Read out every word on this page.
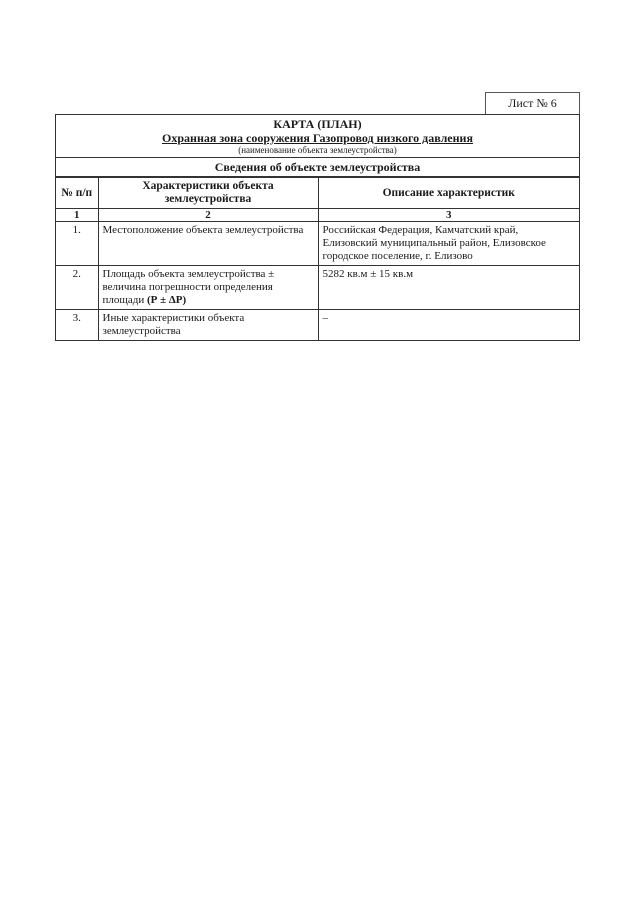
Лист № 6
КАРТА (ПЛАН)
Охранная зона сооружения Газопровод низкого давления
(наименование объекта землеустройства)
Сведения об объекте землеустройства
№ п/п	Характеристики объекта землеустройства	Описание характеристик
1	2	3
1.	Местоположение объекта землеустройства	Российская Федерация, Камчатский край, Елизовский муниципальный район, Елизовское городское поселение, г. Елизово
2.	Площадь объекта землеустройства ± величина погрешности определения площади (Р ± ΔР)	5282 кв.м ± 15 кв.м
3.	Иные характеристики объекта землеустройства	–
